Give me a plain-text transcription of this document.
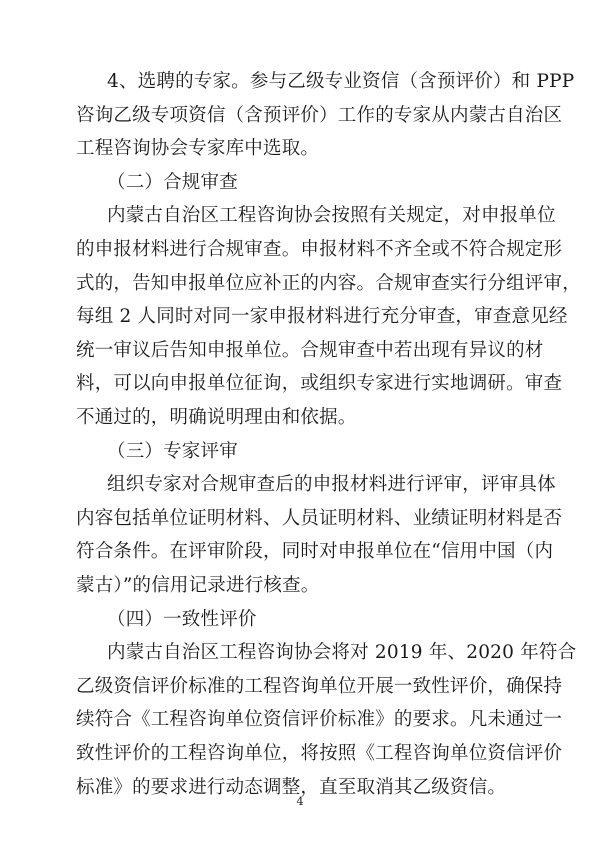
4、选聘的专家。参与乙级专业资信（含预评价）和 PPP
咨询乙级专项资信（含预评价）工作的专家从内蒙古自治区
工程咨询协会专家库中选取。
（二）合规审查
内蒙古自治区工程咨询协会按照有关规定，对申报单位
的申报材料进行合规审查。申报材料不齐全或不符合规定形
式的，告知申报单位应补正的内容。合规审查实行分组评审，
每组 2 人同时对同一家申报材料进行充分审查，审查意见经
统一审议后告知申报单位。合规审查中若出现有异议的材
料，可以向申报单位征询，或组织专家进行实地调研。审查
不通过的，明确说明理由和依据。
（三）专家评审
组织专家对合规审查后的申报材料进行评审，评审具体
内容包括单位证明材料、人员证明材料、业绩证明材料是否
符合条件。在评审阶段，同时对申报单位在“信用中国（内
蒙古）”的信用记录进行核查。
（四）一致性评价
内蒙古自治区工程咨询协会将对 2019 年、2020 年符合
乙级资信评价标准的工程咨询单位开展一致性评价，确保持
续符合《工程咨询单位资信评价标准》的要求。凡未通过一
致性评价的工程咨询单位，将按照《工程咨询单位资信评价
标准》的要求进行动态调整，直至取消其乙级资信。
4
